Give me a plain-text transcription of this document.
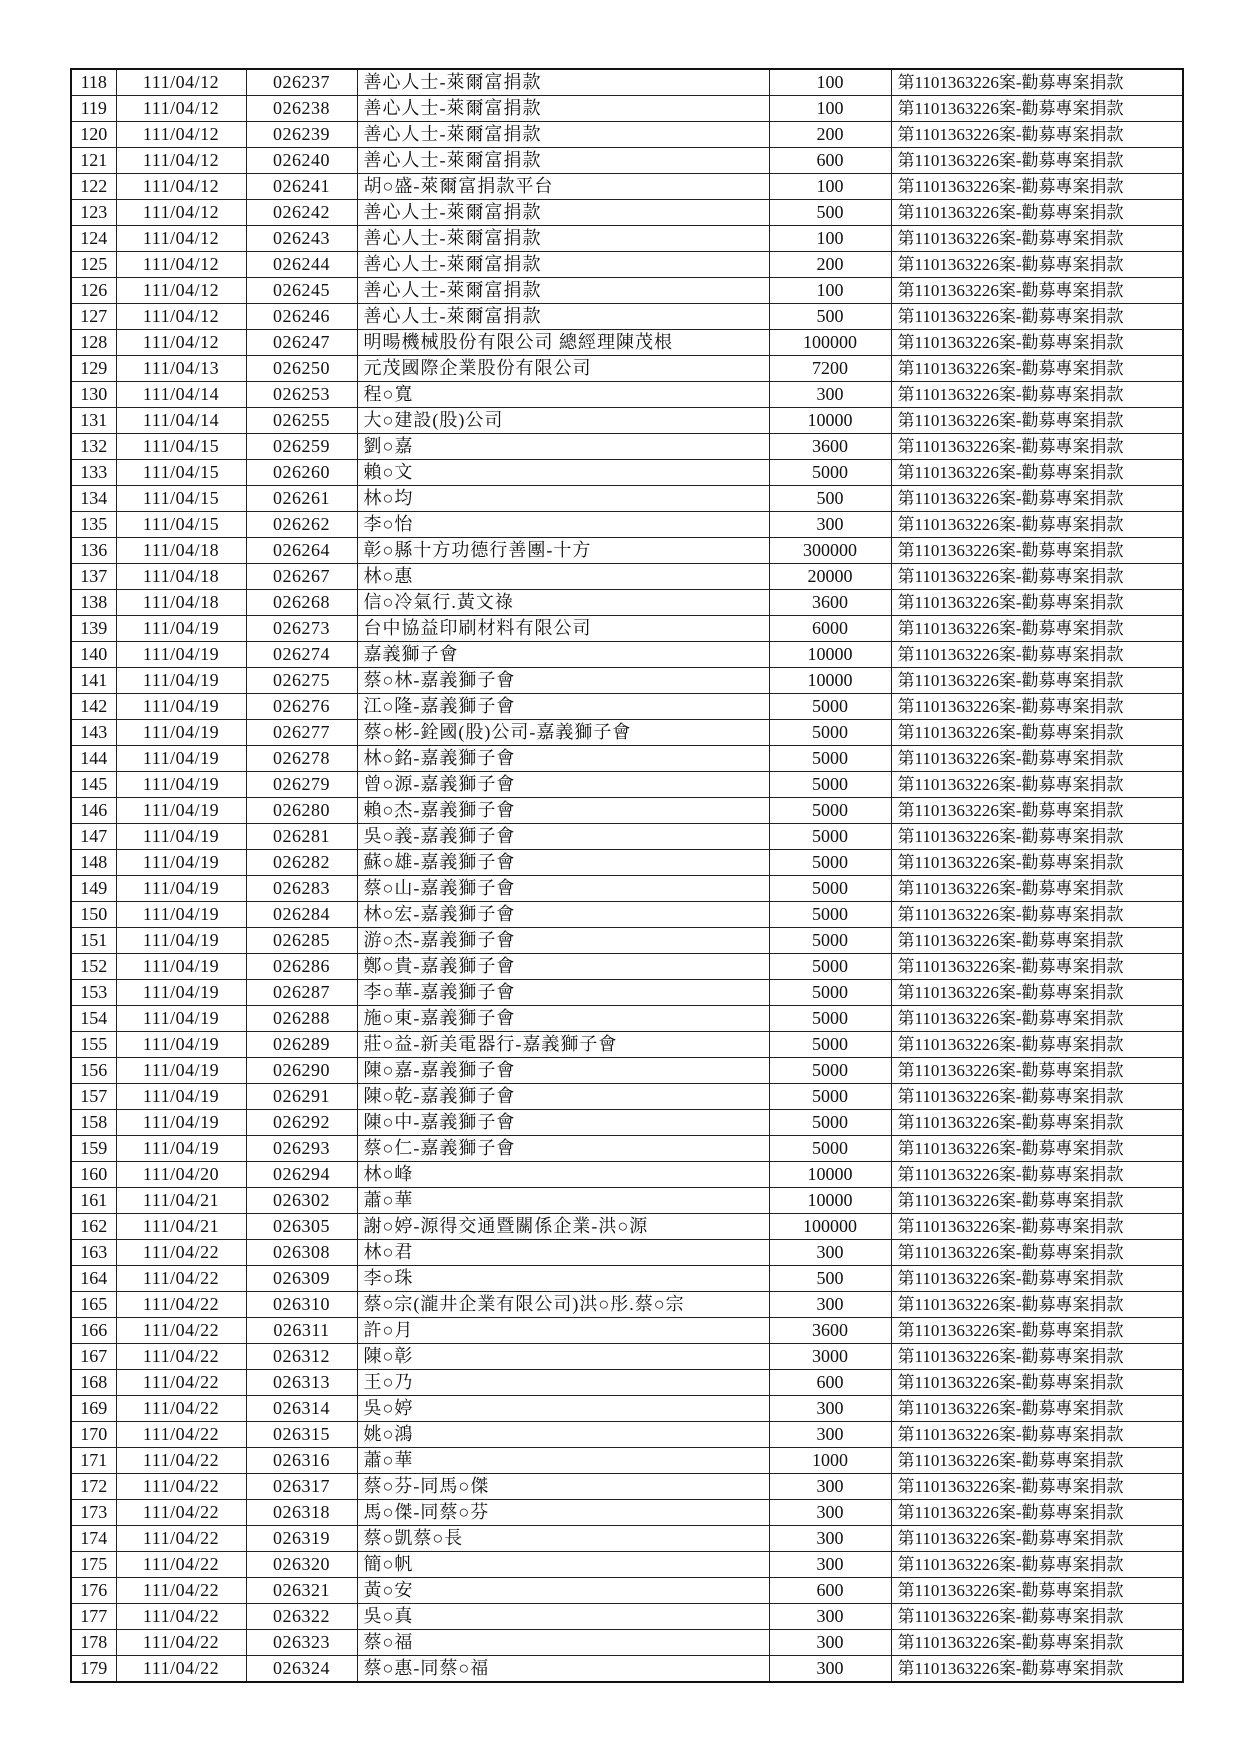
118	111/04/12	026237	善心人士-萊爾富捐款	100	第1101363226案-勸募專案捐款
119	111/04/12	026238	善心人士-萊爾富捐款	100	第1101363226案-勸募專案捐款
120	111/04/12	026239	善心人士-萊爾富捐款	200	第1101363226案-勸募專案捐款
121	111/04/12	026240	善心人士-萊爾富捐款	600	第1101363226案-勸募專案捐款
122	111/04/12	026241	胡○盛-萊爾富捐款平台	100	第1101363226案-勸募專案捐款
123	111/04/12	026242	善心人士-萊爾富捐款	500	第1101363226案-勸募專案捐款
124	111/04/12	026243	善心人士-萊爾富捐款	100	第1101363226案-勸募專案捐款
125	111/04/12	026244	善心人士-萊爾富捐款	200	第1101363226案-勸募專案捐款
126	111/04/12	026245	善心人士-萊爾富捐款	100	第1101363226案-勸募專案捐款
127	111/04/12	026246	善心人士-萊爾富捐款	500	第1101363226案-勸募專案捐款
128	111/04/12	026247	明暘機械股份有限公司 總經理陳茂根	100000	第1101363226案-勸募專案捐款
129	111/04/13	026250	元茂國際企業股份有限公司	7200	第1101363226案-勸募專案捐款
130	111/04/14	026253	程○寬	300	第1101363226案-勸募專案捐款
131	111/04/14	026255	大○建設(股)公司	10000	第1101363226案-勸募專案捐款
132	111/04/15	026259	劉○嘉	3600	第1101363226案-勸募專案捐款
133	111/04/15	026260	賴○文	5000	第1101363226案-勸募專案捐款
134	111/04/15	026261	林○均	500	第1101363226案-勸募專案捐款
135	111/04/15	026262	李○怡	300	第1101363226案-勸募專案捐款
136	111/04/18	026264	彰○縣十方功德行善團-十方	300000	第1101363226案-勸募專案捐款
137	111/04/18	026267	林○惠	20000	第1101363226案-勸募專案捐款
138	111/04/18	026268	信○冷氣行.黃文祿	3600	第1101363226案-勸募專案捐款
139	111/04/19	026273	台中協益印刷材料有限公司	6000	第1101363226案-勸募專案捐款
140	111/04/19	026274	嘉義獅子會	10000	第1101363226案-勸募專案捐款
141	111/04/19	026275	蔡○林-嘉義獅子會	10000	第1101363226案-勸募專案捐款
142	111/04/19	026276	江○隆-嘉義獅子會	5000	第1101363226案-勸募專案捐款
143	111/04/19	026277	蔡○彬-銓國(股)公司-嘉義獅子會	5000	第1101363226案-勸募專案捐款
144	111/04/19	026278	林○銘-嘉義獅子會	5000	第1101363226案-勸募專案捐款
145	111/04/19	026279	曾○源-嘉義獅子會	5000	第1101363226案-勸募專案捐款
146	111/04/19	026280	賴○杰-嘉義獅子會	5000	第1101363226案-勸募專案捐款
147	111/04/19	026281	吳○義-嘉義獅子會	5000	第1101363226案-勸募專案捐款
148	111/04/19	026282	蘇○雄-嘉義獅子會	5000	第1101363226案-勸募專案捐款
149	111/04/19	026283	蔡○山-嘉義獅子會	5000	第1101363226案-勸募專案捐款
150	111/04/19	026284	林○宏-嘉義獅子會	5000	第1101363226案-勸募專案捐款
151	111/04/19	026285	游○杰-嘉義獅子會	5000	第1101363226案-勸募專案捐款
152	111/04/19	026286	鄭○貴-嘉義獅子會	5000	第1101363226案-勸募專案捐款
153	111/04/19	026287	李○華-嘉義獅子會	5000	第1101363226案-勸募專案捐款
154	111/04/19	026288	施○東-嘉義獅子會	5000	第1101363226案-勸募專案捐款
155	111/04/19	026289	莊○益-新美電器行-嘉義獅子會	5000	第1101363226案-勸募專案捐款
156	111/04/19	026290	陳○嘉-嘉義獅子會	5000	第1101363226案-勸募專案捐款
157	111/04/19	026291	陳○乾-嘉義獅子會	5000	第1101363226案-勸募專案捐款
158	111/04/19	026292	陳○中-嘉義獅子會	5000	第1101363226案-勸募專案捐款
159	111/04/19	026293	蔡○仁-嘉義獅子會	5000	第1101363226案-勸募專案捐款
160	111/04/20	026294	林○峰	10000	第1101363226案-勸募專案捐款
161	111/04/21	026302	蕭○華	10000	第1101363226案-勸募專案捐款
162	111/04/21	026305	謝○婷-源得交通暨關係企業-洪○源	100000	第1101363226案-勸募專案捐款
163	111/04/22	026308	林○君	300	第1101363226案-勸募專案捐款
164	111/04/22	026309	李○珠	500	第1101363226案-勸募專案捐款
165	111/04/22	026310	蔡○宗(瀧井企業有限公司)洪○彤.蔡○宗	300	第1101363226案-勸募專案捐款
166	111/04/22	026311	許○月	3600	第1101363226案-勸募專案捐款
167	111/04/22	026312	陳○彰	3000	第1101363226案-勸募專案捐款
168	111/04/22	026313	王○乃	600	第1101363226案-勸募專案捐款
169	111/04/22	026314	吳○婷	300	第1101363226案-勸募專案捐款
170	111/04/22	026315	姚○鴻	300	第1101363226案-勸募專案捐款
171	111/04/22	026316	蕭○華	1000	第1101363226案-勸募專案捐款
172	111/04/22	026317	蔡○芬-同馬○傑	300	第1101363226案-勸募專案捐款
173	111/04/22	026318	馬○傑-同蔡○芬	300	第1101363226案-勸募專案捐款
174	111/04/22	026319	蔡○凱蔡○長	300	第1101363226案-勸募專案捐款
175	111/04/22	026320	簡○帆	300	第1101363226案-勸募專案捐款
176	111/04/22	026321	黃○安	600	第1101363226案-勸募專案捐款
177	111/04/22	026322	吳○真	300	第1101363226案-勸募專案捐款
178	111/04/22	026323	蔡○福	300	第1101363226案-勸募專案捐款
179	111/04/22	026324	蔡○惠-同蔡○福	300	第1101363226案-勸募專案捐款
